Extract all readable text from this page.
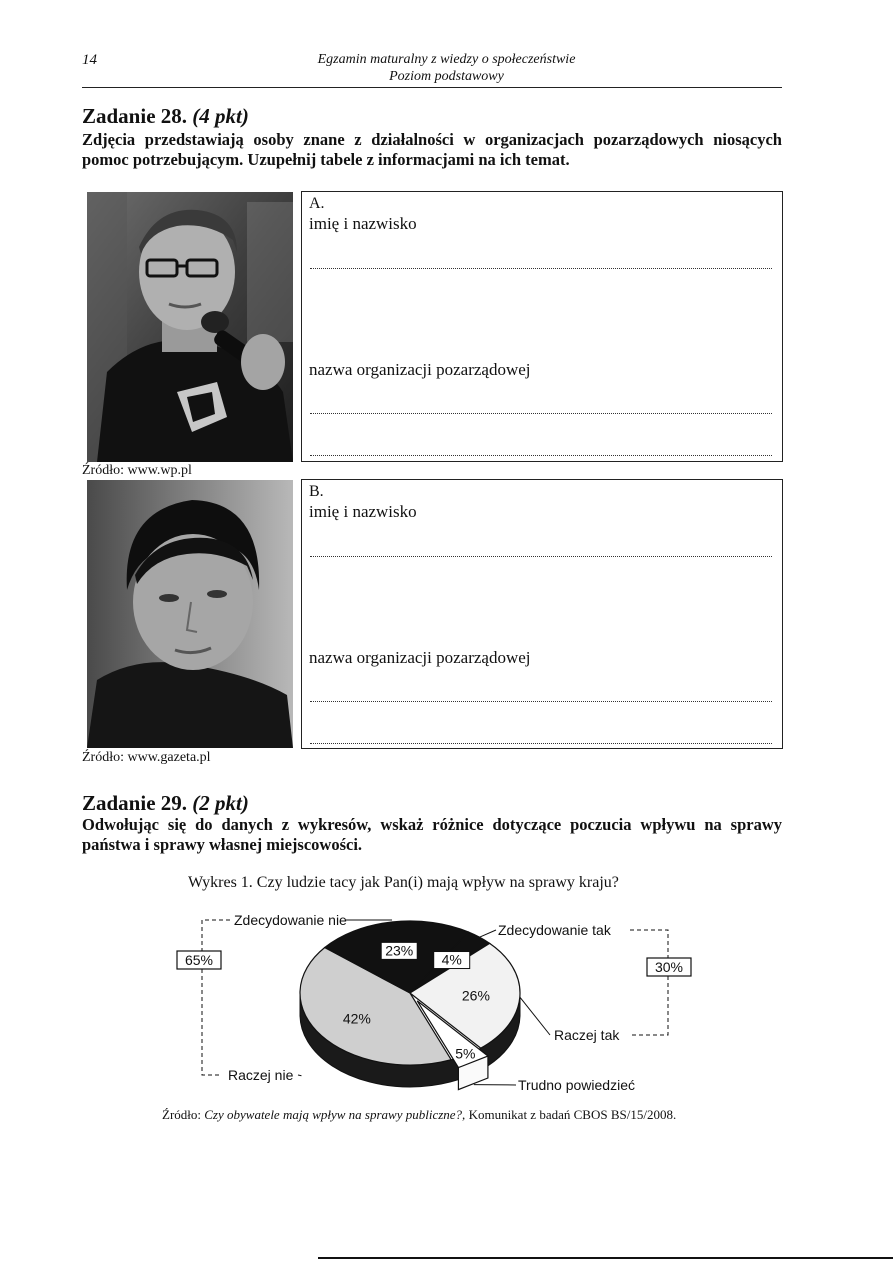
14	Egzamin maturalny z wiedzy o społeczeństwie
Poziom podstawowy
Zadanie 28. (4 pkt)
Zdjęcia przedstawiają osoby znane z działalności w organizacjach pozarządowych niosących pomoc potrzebującym. Uzupełnij tabele z informacjami na ich temat.
Źródło: www.wp.pl
A.
imię i nazwisko
nazwa organizacji pozarządowej
Źródło: www.gazeta.pl
B.
imię i nazwisko
nazwa organizacji pozarządowej
Zadanie 29. (2 pkt)
Odwołując się do danych z wykresów, wskaż różnice dotyczące poczucia wpływu na sprawy państwa i sprawy własnej miejscowości.
Wykres 1. Czy ludzie tacy jak Pan(i) mają wpływ na sprawy kraju?
4%
26%
5%
42%
23%
Zdecydowanie nie
Zdecydowanie tak
Raczej tak
Trudno powiedzieć
Raczej nie
65%	30%
Źródło: Czy obywatele mają wpływ na sprawy publiczne?, Komunikat z badań CBOS BS/15/2008.
